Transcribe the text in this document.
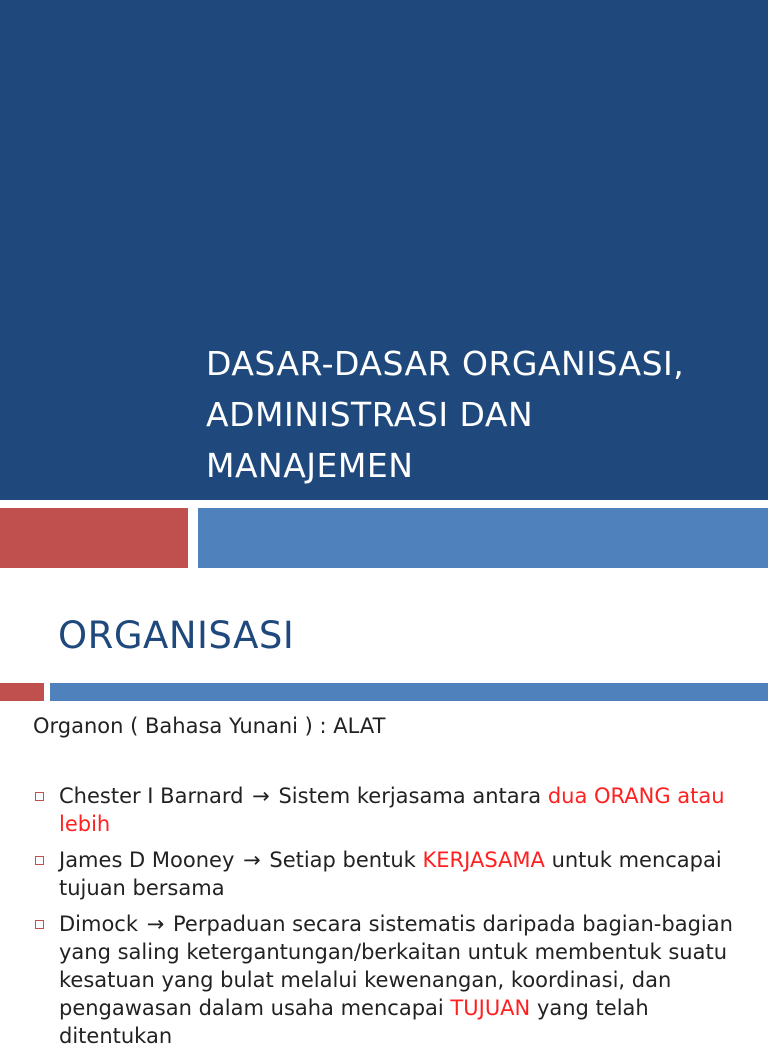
DASAR-DASAR ORGANISASI,
ADMINISTRASI DAN
MANAJEMEN
ORGANISASI
Organon ( Bahasa Yunani ) : ALAT
Chester I Barnard → Sistem kerjasama antara dua ORANG atau lebih
James D Mooney → Setiap bentuk KERJASAMA untuk mencapai tujuan bersama
Dimock → Perpaduan secara sistematis daripada bagian-bagian yang saling ketergantungan/berkaitan untuk membentuk suatu kesatuan yang bulat melalui kewenangan, koordinasi, dan pengawasan dalam usaha mencapai TUJUAN yang telah ditentukan
